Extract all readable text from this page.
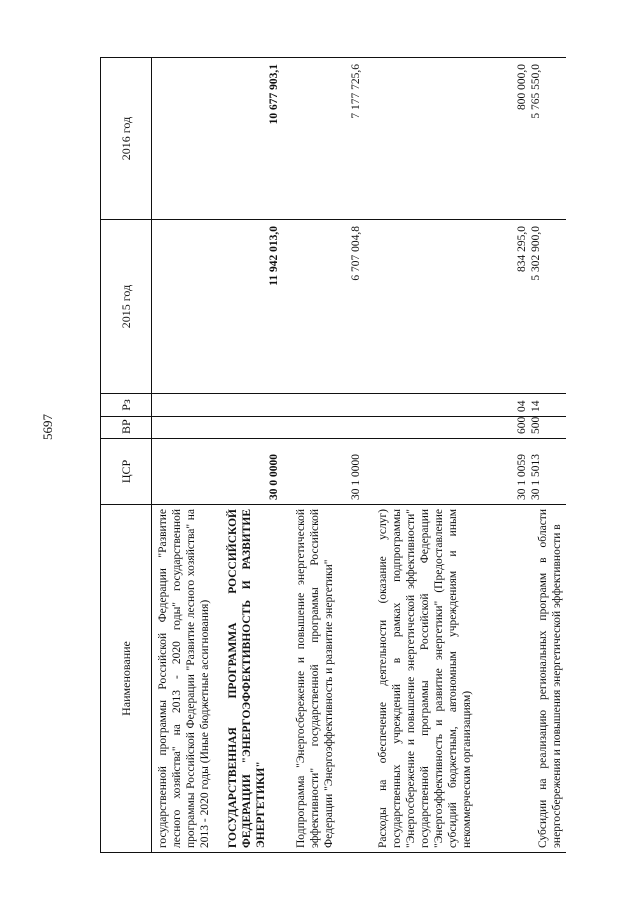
5697
Наименование	ЦСР	ВР	Рз	2015 год	2016 год
государственной программы Российской Федерации "Развитие лесного хозяйства" на 2013 - 2020 годы" государственной программы Российской Федерации "Развитие лесного хозяйства" на 2013 - 2020 годы (Иные бюджетные ассигнования)					

ГОСУДАРСТВЕННАЯ ПРОГРАММА РОССИЙСКОЙ ФЕДЕРАЦИИ "ЭНЕРГОЭФФЕКТИВНОСТЬ И РАЗВИТИЕ ЭНЕРГЕТИКИ"	30 0 0000			11 942 013,0	10 677 903,1

Подпрограмма "Энергосбережение и повышение энергетической эффективности" государственной программы Российской Федерации "Энергоэффективность и развитие энергетики"	30 1 0000			6 707 004,8	7 177 725,6

Расходы на обеспечение деятельности (оказание услуг) государственных учреждений в рамках подпрограммы "Энергосбережение и повышение энергетической эффективности" государственной программы Российской Федерации "Энергоэффективность и развитие энергетики" (Предоставление субсидий бюджетным, автономным учреждениям и иным некоммерческим организациям)	30 1 0059	600	04	834 295,0	800 000,0
Субсидии на реализацию региональных программ в области энергосбережения и повышения энергетической эффективности в	30 1 5013	500	14	5 302 900,0	5 765 550,0
